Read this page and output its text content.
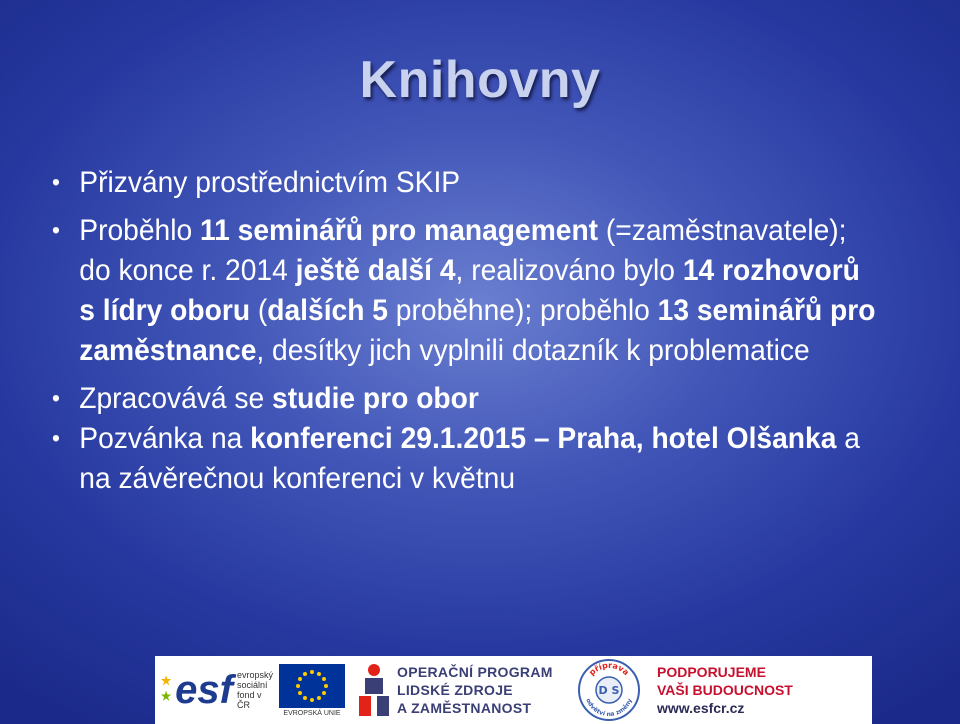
Knihovny
• Přizvány prostřednictvím SKIP
• Proběhlo 11 seminářů pro management (=zaměstnavatele); do konce r. 2014 ještě další 4, realizováno bylo 14 rozhovorů s lídry oboru (dalších 5 proběhne); proběhlo 13 seminářů pro zaměstnance, desítky jich vyplnili dotazník k problematice
• Zpracovává se studie pro obor
• Pozvánka na konferenci 29.1.2015 – Praha, hotel Olšanka a na závěrečnou konferenci v květnu
esf evropský
sociální
fond v ČR
EVROPSKÁ UNIE
OPERAČNÍ PROGRAM
LIDSKÉ ZDROJE
A ZAMĚSTNANOST
příprava
odvětví na změny
D S
PODPORUJEME
VAŠI BUDOUCNOST
www.esfcr.cz
